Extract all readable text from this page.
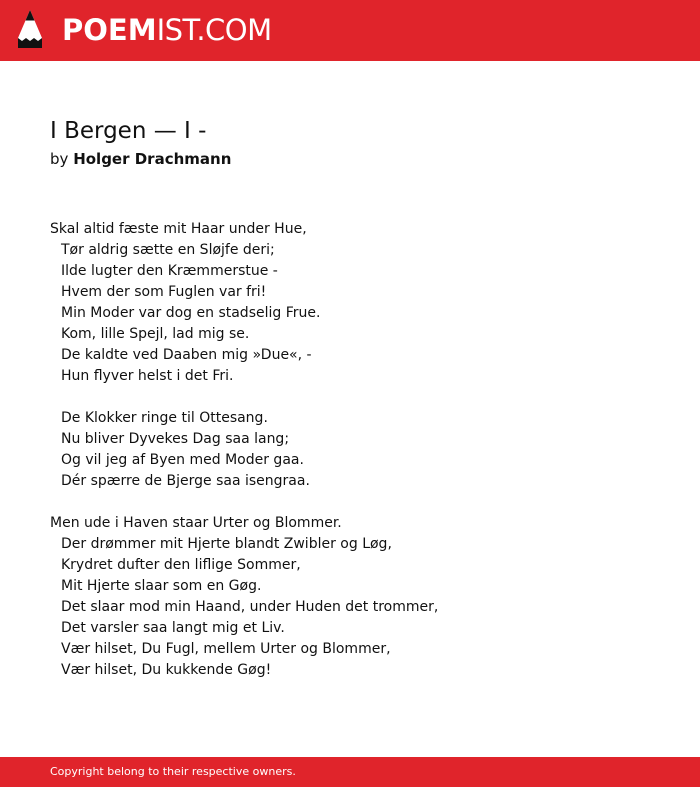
POEMIST.COM
I Bergen — I -
by Holger Drachmann
Skal altid fæste mit Haar under Hue,
Tør aldrig sætte en Sløjfe deri;
Ilde lugter den Kræmmerstue -
Hvem der som Fuglen var fri!
Min Moder var dog en stadselig Frue.
Kom, lille Spejl, lad mig se.
De kaldte ved Daaben mig »Due«, -
Hun flyver helst i det Fri.
De Klokker ringe til Ottesang.
Nu bliver Dyvekes Dag saa lang;
Og vil jeg af Byen med Moder gaa.
Dér spærre de Bjerge saa isengraa.
Men ude i Haven staar Urter og Blommer.
Der drømmer mit Hjerte blandt Zwibler og Løg,
Krydret dufter den liflige Sommer,
Mit Hjerte slaar som en Gøg.
Det slaar mod min Haand, under Huden det trommer,
Det varsler saa langt mig et Liv.
Vær hilset, Du Fugl, mellem Urter og Blommer,
Vær hilset, Du kukkende Gøg!
Copyright belong to their respective owners.
